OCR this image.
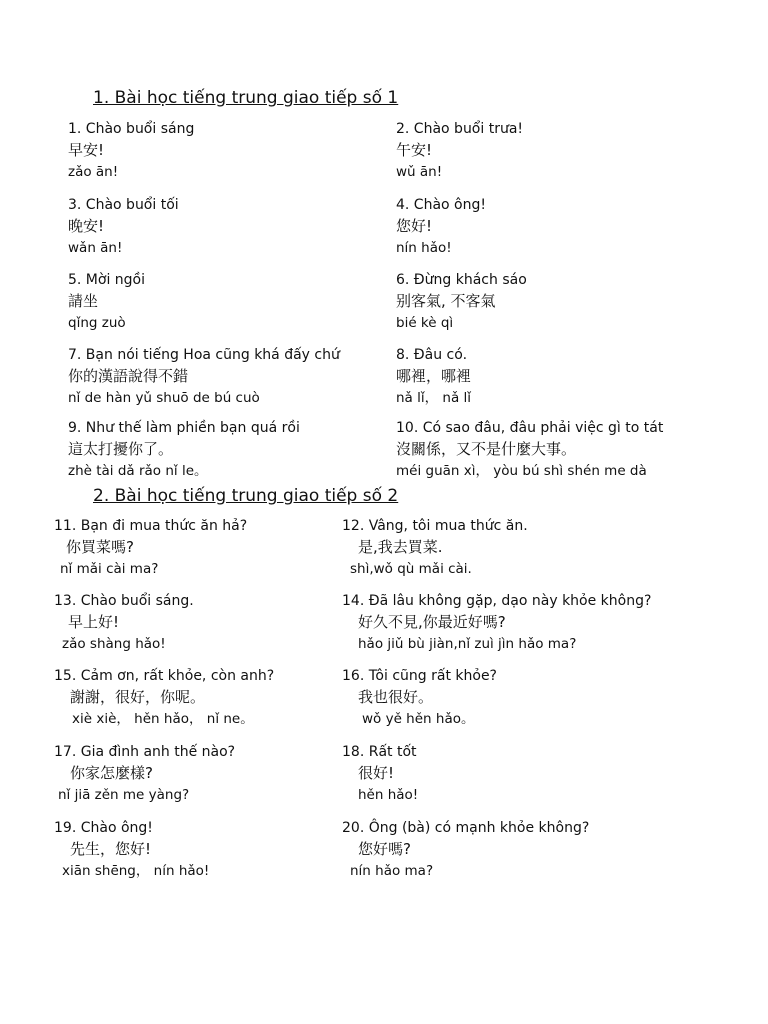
1. Bài học tiếng trung giao tiếp số 1
1. Chào buổi sáng
早安!
zǎo ān!
2. Chào buổi trưa!
午安!
wǔ ān!
3. Chào buổi tối
晚安!
wǎn ān!
4. Chào ông!
您好!
nín hǎo!
5. Mời ngồi
請坐
qǐng zuò
6. Đừng khách sáo
别客氣, 不客氣
bié kè qì
7. Bạn nói tiếng Hoa cũng khá đấy chứ
你的漢語說得不錯
nǐ de hàn yǔ shuō de bú cuò
8. Đâu có.
哪裡，哪裡
nǎ lǐ， nǎ lǐ
9. Như thế làm phiền bạn quá rồi
這太打擾你了。
zhè tài dǎ rǎo nǐ le。
10. Có sao đâu, đâu phải việc gì to tát
沒關係，又不是什麼大事。
méi guān xì， yòu bú shì shén me dà
2. Bài học tiếng trung giao tiếp số 2
11. Bạn đi mua thức ăn hả?
你買菜嗎?
nǐ mǎi cài ma?
12. Vâng, tôi mua thức ăn.
是,我去買菜.
shì,wǒ qù mǎi cài.
13. Chào buổi sáng.
早上好!
zǎo shàng hǎo!
14. Đã lâu không gặp, dạo này khỏe không?
好久不見,你最近好嗎?
hǎo jiǔ bù jiàn,nǐ zuì jìn hǎo ma?
15. Cảm ơn, rất khỏe, còn anh?
謝謝，很好，你呢。
xiè xiè， hěn hǎo， nǐ ne。
16. Tôi cũng rất khỏe?
我也很好。
wǒ yě hěn hǎo。
17. Gia đình anh thế nào?
你家怎麼樣?
nǐ jiā zěn me yàng?
18. Rất tốt
很好!
hěn hǎo!
19. Chào ông!
先生，您好!
xiān shēng， nín hǎo!
20. Ông (bà) có mạnh khỏe không?
您好嗎?
nín hǎo ma?
